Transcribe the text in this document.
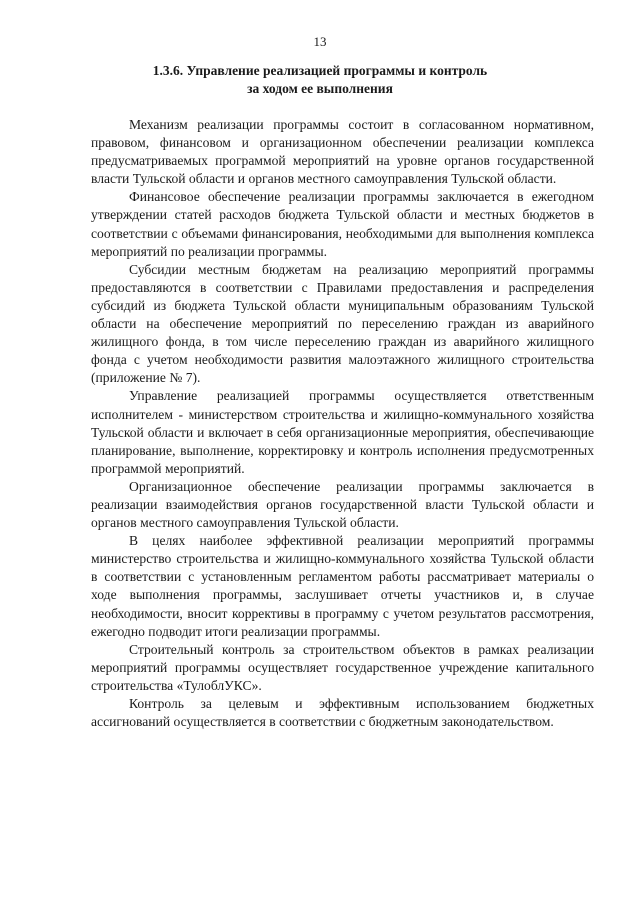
13
1.3.6. Управление реализацией программы и контроль
за ходом ее выполнения

Механизм реализации программы состоит в согласованном нормативном, правовом, финансовом и организационном обеспечении реализации комплекса предусматриваемых программой мероприятий на уровне органов государственной власти Тульской области и органов местного самоуправления Тульской области.

Финансовое обеспечение реализации программы заключается в ежегодном утверждении статей расходов бюджета Тульской области и местных бюджетов в соответствии с объемами финансирования, необходимыми для выполнения комплекса мероприятий по реализации программы.

Субсидии местным бюджетам на реализацию мероприятий программы предоставляются в соответствии с Правилами предоставления и распределения субсидий из бюджета Тульской области муниципальным образованиям Тульской области на обеспечение мероприятий по переселению граждан из аварийного жилищного фонда, в том числе переселению граждан из аварийного жилищного фонда с учетом необходимости развития малоэтажного жилищного строительства (приложение № 7).

Управление реализацией программы осуществляется ответственным исполнителем - министерством строительства и жилищно-коммунального хозяйства Тульской области и включает в себя организационные мероприятия, обеспечивающие планирование, выполнение, корректировку и контроль исполнения предусмотренных программой мероприятий.

Организационное обеспечение реализации программы заключается в реализации взаимодействия органов государственной власти Тульской области и органов местного самоуправления Тульской области.

В целях наиболее эффективной реализации мероприятий программы министерство строительства и жилищно-коммунального хозяйства Тульской области в соответствии с установленным регламентом работы рассматривает материалы о ходе выполнения программы, заслушивает отчеты участников и, в случае необходимости, вносит коррективы в программу с учетом результатов рассмотрения, ежегодно подводит итоги реализации программы.

Строительный контроль за строительством объектов в рамках реализации мероприятий программы осуществляет государственное учреждение капитального строительства «ТулоблУКС».

Контроль за целевым и эффективным использованием бюджетных ассигнований осуществляется в соответствии с бюджетным законодательством.
